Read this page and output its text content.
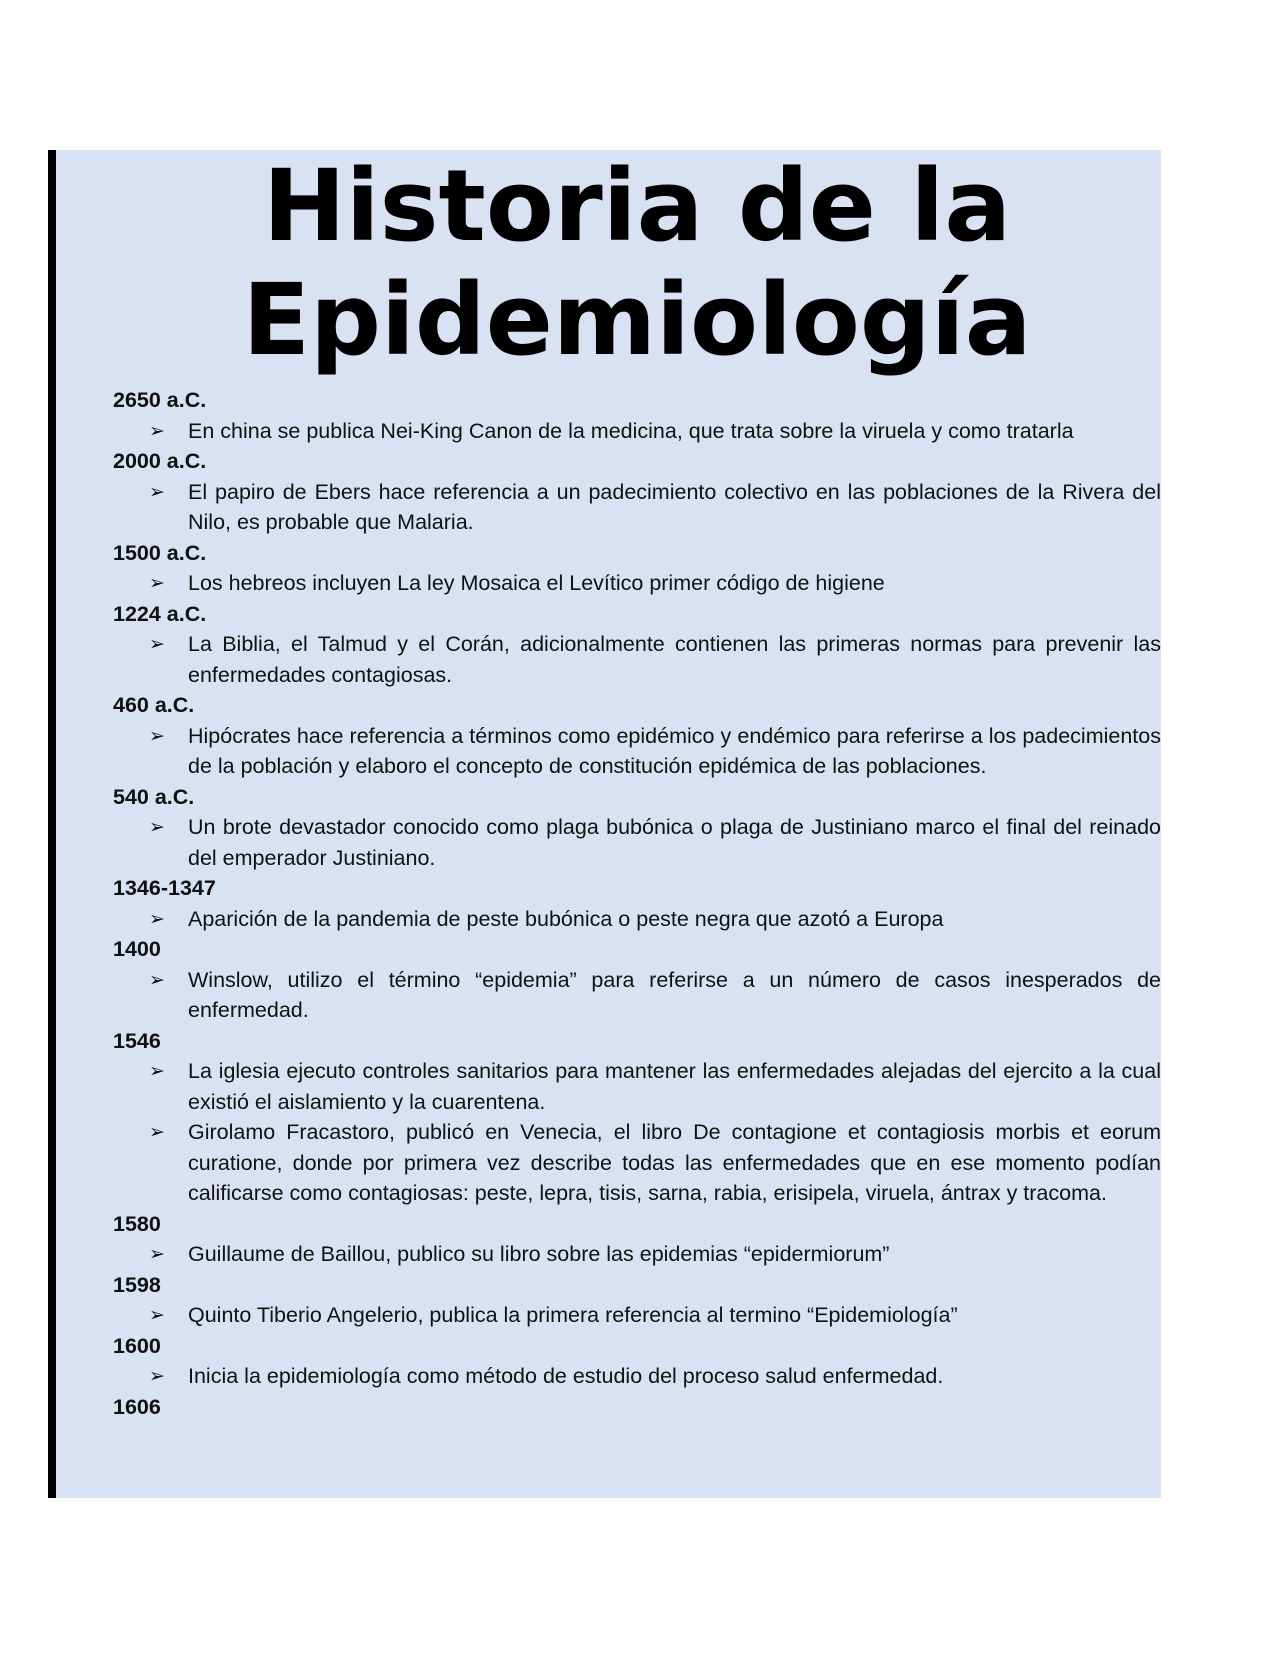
Historia de la
Epidemiología
2650 a.C.
➢ En china se publica Nei-King Canon de la medicina, que trata sobre la viruela y como tratarla
2000 a.C.
➢ El papiro de Ebers hace referencia a un padecimiento colectivo en las poblaciones de la Rivera del Nilo, es probable que Malaria.
1500 a.C.
➢ Los hebreos incluyen La ley Mosaica el Levítico primer código de higiene
1224 a.C.
➢ La Biblia, el Talmud y el Corán, adicionalmente contienen las primeras normas para prevenir las enfermedades contagiosas.
460 a.C.
➢ Hipócrates hace referencia a términos como epidémico y endémico para referirse a los padecimientos de la población y elaboro el concepto de constitución epidémica de las poblaciones.
540 a.C.
➢ Un brote devastador conocido como plaga bubónica o plaga de Justiniano marco el final del reinado del emperador Justiniano.
1346-1347
➢ Aparición de la pandemia de peste bubónica o peste negra que azotó a Europa
1400
➢ Winslow, utilizo el término “epidemia” para referirse a un número de casos inesperados de enfermedad.
1546
➢ La iglesia ejecuto controles sanitarios para mantener las enfermedades alejadas del ejercito a la cual existió el aislamiento y la cuarentena.
➢ Girolamo Fracastoro, publicó en Venecia, el libro De contagione et contagiosis morbis et eorum curatione, donde por primera vez describe todas las enfermedades que en ese momento podían calificarse como contagiosas: peste, lepra, tisis, sarna, rabia, erisipela, viruela, ántrax y tracoma.
1580
➢ Guillaume de Baillou, publico su libro sobre las epidemias “epidermiorum”
1598
➢ Quinto Tiberio Angelerio, publica la primera referencia al termino “Epidemiología”
1600
➢ Inicia la epidemiología como método de estudio del proceso salud enfermedad.
1606
